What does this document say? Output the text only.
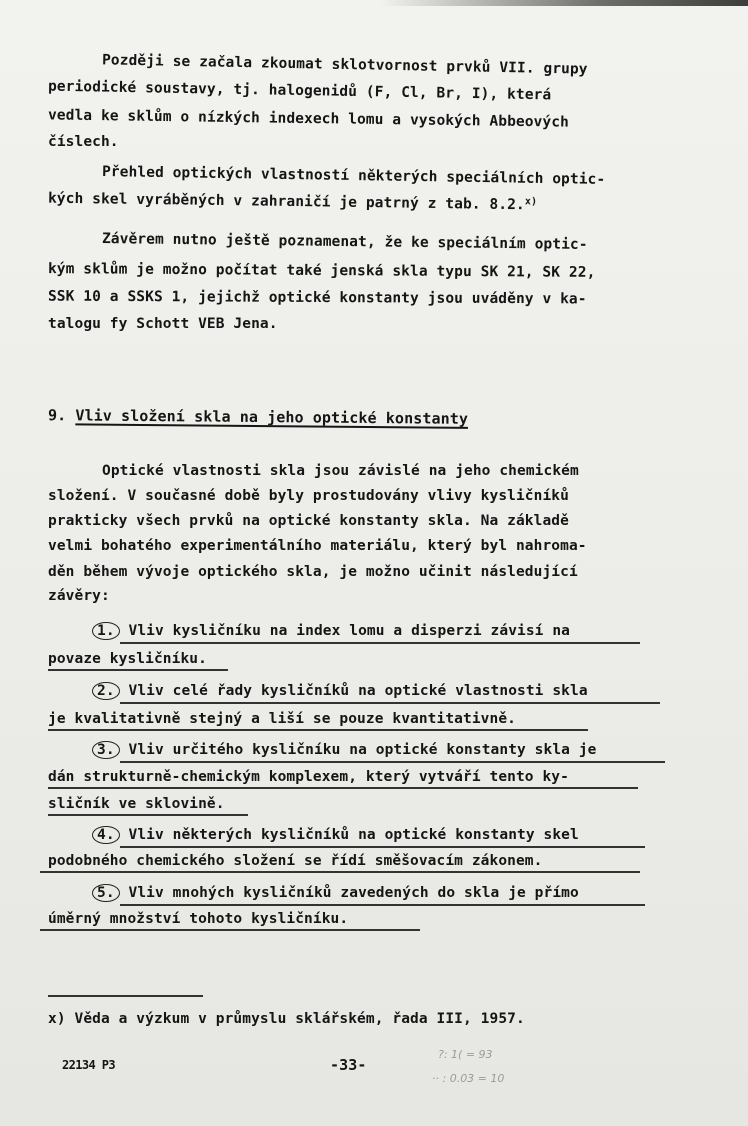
Později se začala zkoumat sklotvornost prvků VII. grupy
periodické soustavy, tj. halogenidů (F, Cl, Br, I), která
vedla ke sklům o nízkých indexech lomu a vysokých Abbeových
číslech.
Přehled optických vlastností některých speciálních optic-
kých skel vyráběných v zahraničí je patrný z tab. 8.2.$^{x)}$
Závěrem nutno ještě poznamenat, že ke speciálním optic-
kým sklům je možno počítat také jenská skla typu SK 21, SK 22,
SSK 10 a SSKS 1, jejichž optické konstanty jsou uváděny v ka-
talogu fy Schott VEB Jena.
9. Vliv složení skla na jeho optické konstanty
Optické vlastnosti skla jsou závislé na jeho chemickém
složení. V současné době byly prostudovány vlivy kysličníků
prakticky všech prvků na optické konstanty skla. Na základě
velmi bohatého experimentálního materiálu, který byl nahroma-
děn během vývoje optického skla, je možno učinit následující
závěry:
1. Vliv kysličníku na index lomu a disperzi závisí na
povaze kysličníku.
2. Vliv celé řady kysličníků na optické vlastnosti skla
je kvalitativně stejný a liší se pouze kvantitativně.
3. Vliv určitého kysličníku na optické konstanty skla je
dán strukturně-chemickým komplexem, který vytváří tento ky-
sličník ve sklovině.
4. Vliv některých kysličníků na optické konstanty skel
podobného chemického složení se řídí směšovacím zákonem.
5. Vliv mnohých kysličníků zavedených do skla je přímo
úměrný množství tohoto kysličníku.
x) Věda a výzkum v průmyslu sklářském, řada III, 1957.
22134 P3	-33-
?: 1( = 93
·· : 0.03 = 10
